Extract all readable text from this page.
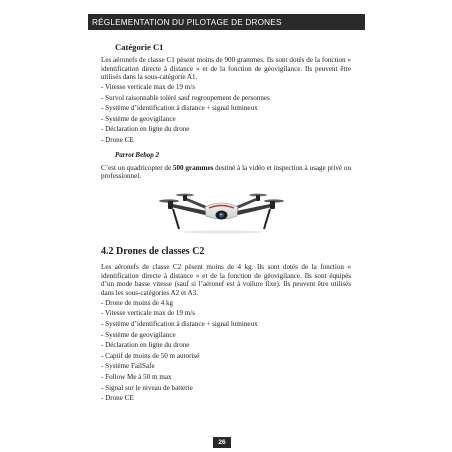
RÉGLEMENTATION DU PILOTAGE DE DRONES
Catégorie C1

Les aéronefs de classe C1 pèsent moins de 900 grammes. Ils sont dotés de la fonction « identification directe à distance » et de la fonction de géovigilance. Ils peuvent être utilisés dans la sous-catégorie A1.

- Vitesse verticale max de 19 m/s
- Survol raisonnable toléré sauf regroupement de personnes
- Système d’identification à distance + signal lumineux
- Système de geovigilance
- Déclaration en ligne du drone
- Drone CE
Parrot Bebop 2

C’est un quadricopter de 500 grammes destiné à la vidéo et inspection à usage privé ou professionnel.

4.2 Drones de classes C2

Les aéronefs de classe C2 pèsent moins de 4 kg. Ils sont dotés de la fonction « identification directe à distance » et de la fonction de géovigilance. Ils sont équipés d’un mode basse vitesse (sauf si l’aéronef est à voilure fixe). Ils peuvent être utilisés dans les sous-catégories A2 et A3.

- Drone de moins de 4 kg
- Vitesse verticale max de 19 m/s
- Système d’identification à distance + signal lumineux
- Système de geovigilance
- Déclaration en ligne du drone
- Captif de moins de 50 m autorisé
- Système FailSafe
- Follow Me à 50 m max
- Signal sur le niveau de batterie
- Drone CE
26
